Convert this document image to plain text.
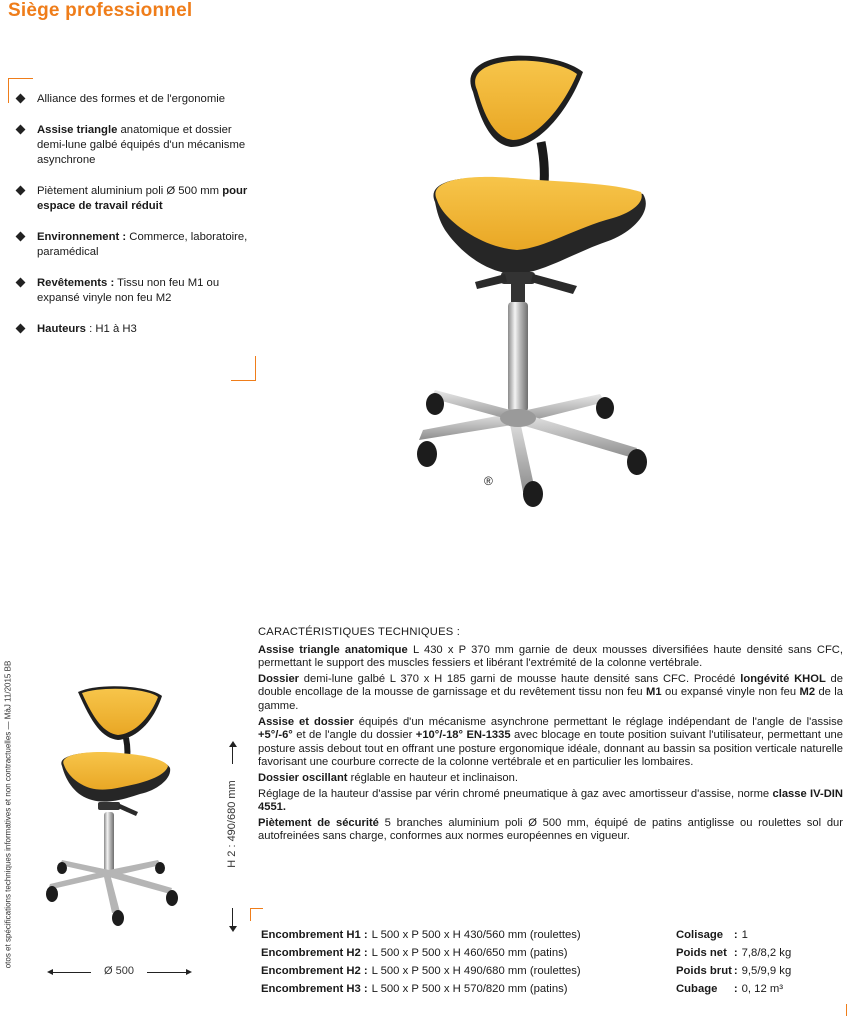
Siège professionnel
Alliance des formes et de l'ergonomie
Assise triangle anatomique et dossier demi-lune galbé équipés d'un mécanisme asynchrone
Piètement aluminium poli Ø 500 mm pour espace de travail réduit
Environnement : Commerce, laboratoire, paramédical
Revêtements : Tissu non feu M1 ou expansé vinyle non feu M2
Hauteurs : H1 à H3
otos et spécifications techniques informatives et non contractuelles — MàJ 11/2015 BB
®
H 2 : 490/680 mm
Ø 500
CARACTÉRISTIQUES TECHNIQUES :

Assise triangle anatomique L 430 x P 370 mm garnie de deux mousses diversifiées haute densité sans CFC, permettant le support des muscles fessiers et libérant l'extrémité de la colonne vertébrale.

Dossier demi-lune galbé L 370 x H 185 garni de mousse haute densité sans CFC. Procédé longévité KHOL de double encollage de la mousse de garnissage et du revêtement tissu non feu M1 ou expansé vinyle non feu M2 de la gamme.

Assise et dossier équipés d'un mécanisme asynchrone permettant le réglage indépendant de l'angle de l'assise +5°/-6° et de l'angle du dossier +10°/-18° EN-1335 avec blocage en toute position suivant l'utilisateur, permettant une posture assis debout tout en offrant une posture ergonomique idéale, donnant au bassin sa position verticale naturelle favorisant une courbure correcte de la colonne vertébrale et en particulier les lombaires.

Dossier oscillant réglable en hauteur et inclinaison.

Réglage de la hauteur d'assise par vérin chromé pneumatique à gaz avec amortisseur d'assise, norme classe IV-DIN 4551.

Piètement de sécurité 5 branches aluminium poli Ø 500 mm, équipé de patins antiglisse ou roulettes sol dur autofreinées sans charge, conformes aux normes européennes en vigueur.

Encombrement H1	:	L 500 x P 500 x H 430/560 mm (roulettes)
Encombrement H2	:	L 500 x P 500 x H 460/650 mm (patins)
Encombrement H2	:	L 500 x P 500 x H 490/680 mm (roulettes)
Encombrement H3	:	L 500 x P 500 x H 570/820 mm (patins)
Colisage	:	1
Poids net	:	7,8/8,2 kg
Poids brut	:	9,5/9,9 kg
Cubage	:	0, 12 m³
